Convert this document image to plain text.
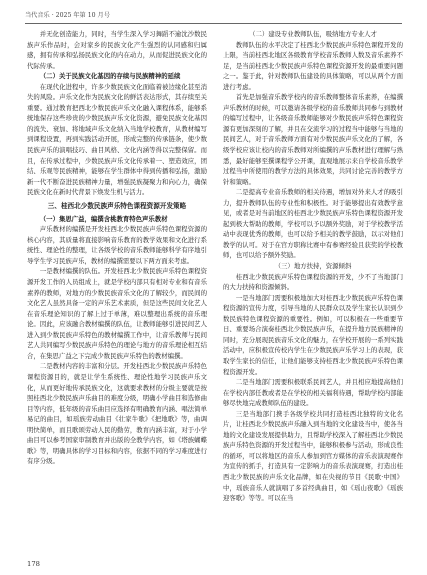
当代音乐 · 2025 年第 10 月号
并无化创造能力，同时，当学生深入学习舞蹈不逾沈沙数民族声乐作品时，会对家乡的民族文化产生强烈的认同感和归属感，拥有传承和弘扬民族文化的内在动力，从而促进民族文化的代际传承。
（二）关于民族文化基因的存续与民族精神的延续
在现代化进程中，许多少数民族文化面临着被边缘化甚至消失的风险。声乐文化作为民族文化的鲜活表达形式，其存续至关重要。通过教育把西北少数民族声乐文化融入课程体系，能够系统地保存这些珍贵的少数民族声乐文化资源，避免民族文化基因的流失、衰加、将地域声乐文化纳入当地学校教育，从教材编写到课程设置，再到实践活动开展，形成完整的传承链条，使少数民族声乐的演唱技巧、曲目风格、文化内涵等得以完整保留。而且，在传承过程中，少数民族声乐文化传承着一、塑造效应，团结、乐观等民族精神，能够在学生群体中得到传播和弘扬，激励新一代不断奋进民族精神力量，增强民族凝聚力和向心力，确保民族文化在新时代背景下焕发生机与活力。
三、桂西北少数民族声乐特色课程资源开发策略
（一）集思广益，编撰含桃教育特色声乐教材
声乐教材的编撰是开发桂西北少数民族声乐特色课程资源的核心内容，其质量将直接影响音乐教育的教学效果和文化进行系统性、理论性的整理，让各级学校的音乐教师能够科学有序地引导学生学习民族声乐，教材的编撰需要以下两方面来考虑。
一是教材编撰的队伍。开发桂西北少数民族声乐特色课程资源开发工作的人员组成上，就是学校内部只有相对专业和有音乐素养的教师，对地方的少数民族音乐文化的了解较少，而民间的文化艺人虽然具备一定的声乐艺术素质，但是这些民间文化艺人在音乐理论知识的了解上过于单薄，难以整理出系统的音乐理论。因此，应该融合教材编撰的队伍，让教师能够引进民间艺人进入到少数民族声乐特色的教材编撰工作中，让音乐教师与民间艺人共同编写少数民族声乐特色的理论与地方的音乐理论相互结合，在集思广益之下完成少数民族声乐特色的教材编撰。
二是教材内容的丰富和分层。开发桂西北少数民族声乐特色课程资源目的，就是让学生系统性、理论性地学习民族声乐文化，从而更好地传承民族文化，这就要求教材的分级主要就是按照桂西北少数民族声乐曲目的难度分级，明确小学曲目和选修曲目等内容，低年级的音乐曲目应选择有明确教育内涵、唱法简单易记的曲目，如瑶族劳动曲目《壮家牛歌》《把地歌》等，曲调明快简单，而且歌颂劳动人民的勤劳，教育内涵丰富，对于小学曲目可以参考国家审制教育并出版的全教学内容，如《塔族蝴蝶歌》等，明确具体的学习目标和内容，依据不同的学习难度进行有序分级。
（二）建设专业教师队伍，吸纳地方专业人才
教师队伍的水平决定了桂西北少数民族声乐特色课程开发的上限，当前桂西北地区各级教育学校音乐教师人数及音乐素养不足，是当前桂西北少数民族声乐特色课程资源开发的最重要问题之一。鉴于此，针对教师队伍建设的具体策略，可以从两个方面进行考虑。
首先是加强音乐教学校内的音乐教师整体音乐素养，在编撰声乐教材的时候，可以邀请各级学校的音乐教师共同参与到教材的编写过程中，让各级音乐教师能够对少数民族声乐特色课程资源有更加深刻的了解，并且在交流学习的过程当中能够与当地的民间艺人，对于音乐教师方面有对少数民族声乐文化的了解，各级学校应该让校内的音乐教师对所编撰的声乐教材进行理解与熟悉，最好能够至撰课程学公开课，直观地展示来自学校音乐教学过程当中所使用的教学方法的具体效果，共同讨论完善的教学方针和策略。
二是提高专业音乐教师的相关待遇，增加对外来人才的吸引力，提升教师队伍的专业性和积极性。对于能够提出有效教学意见，或者是对当前地区的桂西北少数民族声乐特色课程资源开发起到极大帮助的教师，学校可以予以额外奖励，对于学校教学活动中表现优秀的教师，也可以给予相关的教学鼓励，以示对他们教学的认可。对于在官方职称比赛中有参赛经验且获奖的学校教师，也可以给予额外奖励。
（三）地方扶持，资源倾斜
桂西北少数民族声乐特色课程资源的开发，少不了当地部门的大力扶持和资源倾斜。
一是当地部门需要积极地加大对桂西北少数民族声乐特色课程资源的宣传力度，引导当地的人民群众以及学生家长认识到少数民族特色课程资源的重要性。例如，可以积极在一些重要节日、重要场合演奏桂西北少数民族声乐，在提升地方民族精神的同时，充分展现民族音乐文化的魅力，在学校开展的一系列实践活动中，应积极宣传校内学生在少数民族声乐学习上的表现，获取学生家长的信任，让他们能够支持桂西北少数民族声乐特色课程资源开发。
二是当地部门需要积极联系民间艺人，并且相应地提高他们在学校内部任教或者是在学校的相关福利待遇，帮助学校内部能够尽快地完成教师队伍的建设。
三是当地部门携手各级学校共同打造桂西北独特的文化名片，让桂西北少数民族声乐融入到当地的文化建设当中，使各当地的文化建设发展提供助力，且帮助学校深入了解桂西北少数民族声乐特色资源的开发过程当中，能够积极参与活动，形成良性的循环，可以将地区的音乐人参加到官方媒体的音乐表演现赛作为宣传的抓手，打造具有一定影响力的音乐表演现赛，打造出桂西北少数民族的声乐文化品牌，如在央视的节目《民歌·中国》中，瑶族音乐人就演唱了多首经典曲目，如《瑶山夜歌》《瑶族迎客歌》等等。可以在当
178
